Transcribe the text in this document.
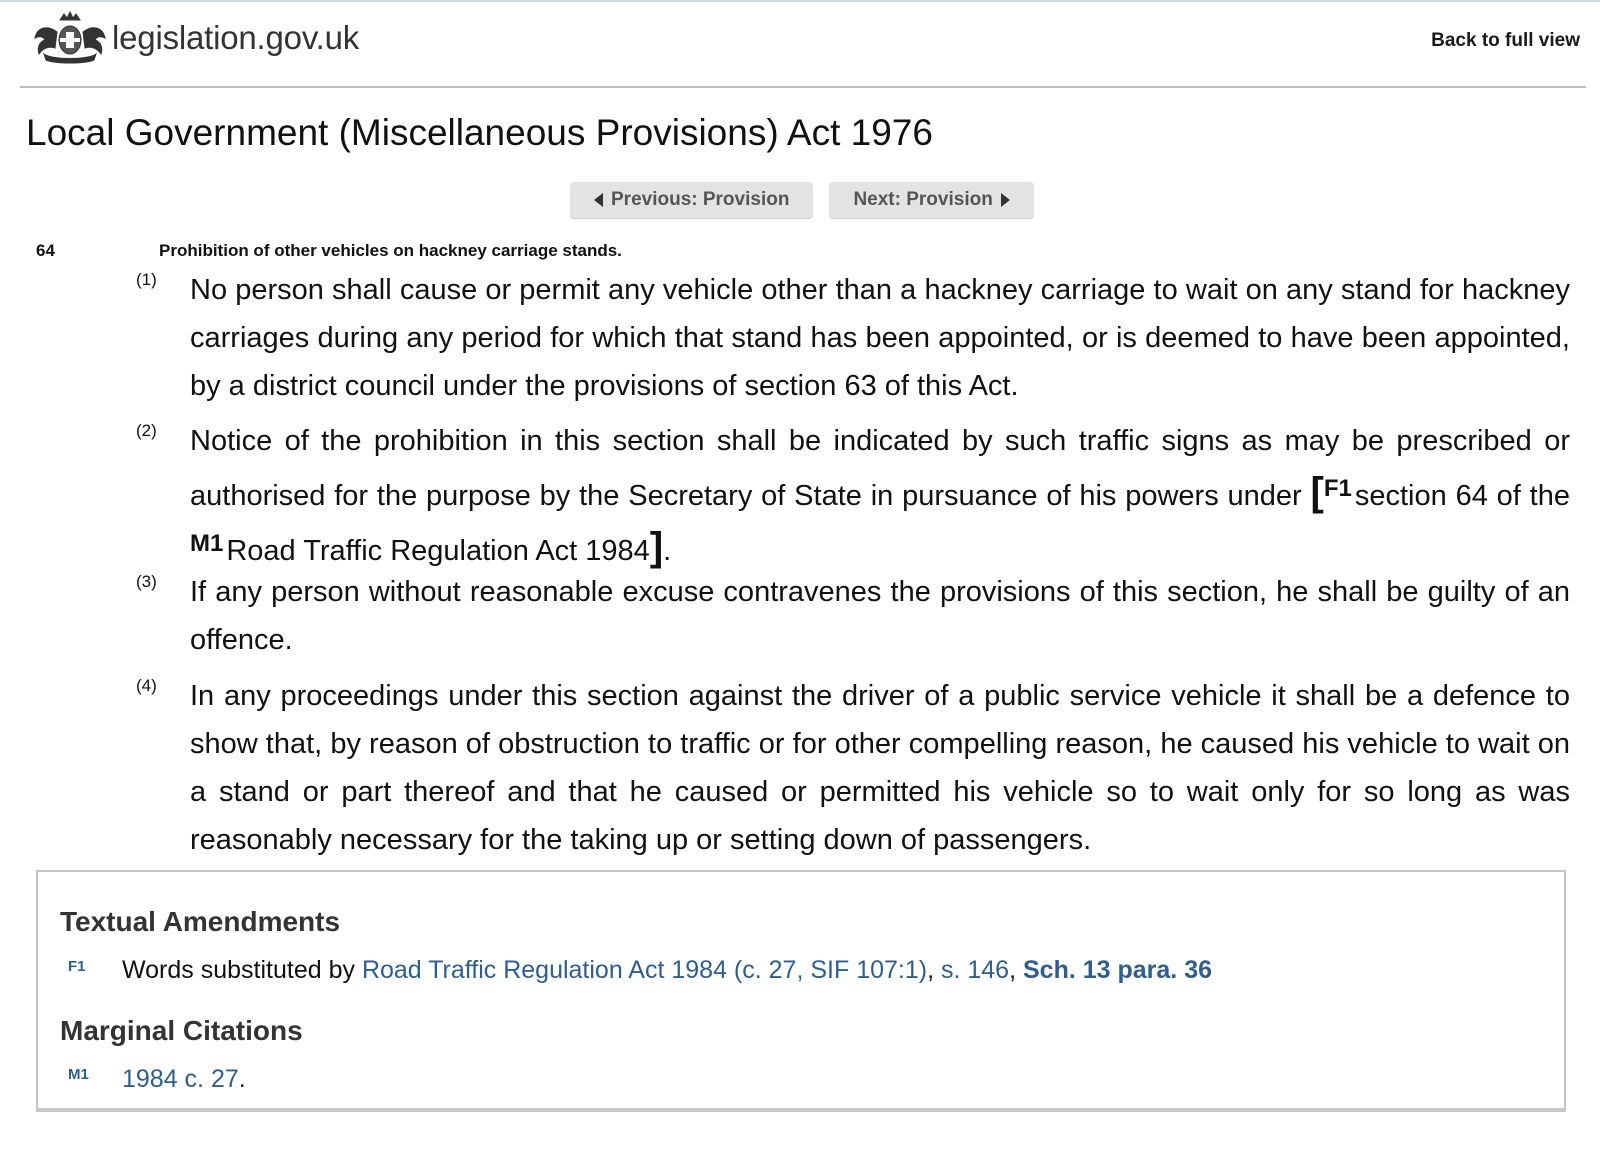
legislation.gov.uk	Back to full view
Local Government (Miscellaneous Provisions) Act 1976
Previous: Provision	Next: Provision
64	Prohibition of other vehicles on hackney carriage stands.
(1) No person shall cause or permit any vehicle other than a hackney carriage to wait on any stand for hackney carriages during any period for which that stand has been appointed, or is deemed to have been appointed, by a district council under the provisions of section 63 of this Act.

(2) Notice of the prohibition in this section shall be indicated by such traffic signs as may be prescribed or authorised for the purpose by the Secretary of State in pursuance of his powers under [$^{F1}$ section 64 of the $^{M1}$ Road Traffic Regulation Act 1984].

(3) If any person without reasonable excuse contravenes the provisions of this section, he shall be guilty of an offence.

(4) In any proceedings under this section against the driver of a public service vehicle it shall be a defence to show that, by reason of obstruction to traffic or for other compelling reason, he caused his vehicle to wait on a stand or part thereof and that he caused or permitted his vehicle so to wait only for so long as was reasonably necessary for the taking up or setting down of passengers.

Textual Amendments
F1 Words substituted by Road Traffic Regulation Act 1984 (c. 27, SIF 107:1), s. 146, Sch. 13 para. 36
Marginal Citations
M1 1984 c. 27.
